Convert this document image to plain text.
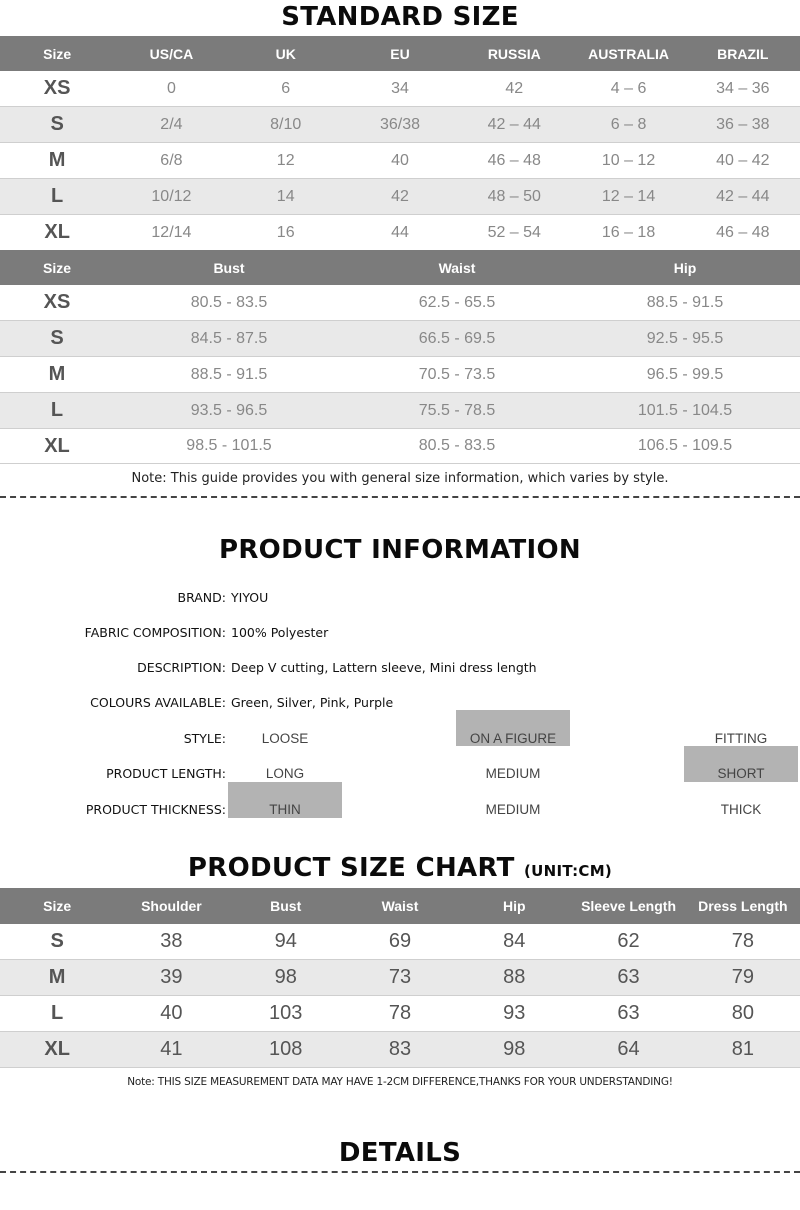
STANDARD SIZE
Size	US/CA	UK	EU	RUSSIA	AUSTRALIA	BRAZIL
XS	0	6	34	42	4 – 6	34 – 36
S	2/4	8/10	36/38	42 – 44	6 – 8	36 – 38
M	6/8	12	40	46 – 48	10 – 12	40 – 42
L	10/12	14	42	48 – 50	12 – 14	42 – 44
XL	12/14	16	44	52 – 54	16 – 18	46 – 48
Size	Bust	Waist	Hip
XS	80.5 - 83.5	62.5 - 65.5	88.5 - 91.5
S	84.5 - 87.5	66.5 - 69.5	92.5 - 95.5
M	88.5 - 91.5	70.5 - 73.5	96.5 - 99.5
L	93.5 - 96.5	75.5 - 78.5	101.5 - 104.5
XL	98.5 - 101.5	80.5 - 83.5	106.5 - 109.5
Note: This guide provides you with general size information, which varies by style.
PRODUCT INFORMATION
BRAND: YIYOU
FABRIC COMPOSITION: 100% Polyester
DESCRIPTION: Deep V cutting, Lattern sleeve, Mini dress length
COLOURS AVAILABLE: Green, Silver, Pink, Purple
STYLE:	LOOSE	ON A FIGURE	FITTING
PRODUCT LENGTH:	LONG	MEDIUM	SHORT
PRODUCT THICKNESS:	THIN	MEDIUM	THICK
PRODUCT SIZE CHART (UNIT:CM)
Size	Shoulder	Bust	Waist	Hip	Sleeve Length	Dress Length
S	38	94	69	84	62	78
M	39	98	73	88	63	79
L	40	103	78	93	63	80
XL	41	108	83	98	64	81
Note: THIS SIZE MEASUREMENT DATA MAY HAVE 1-2CM DIFFERENCE,THANKS FOR YOUR UNDERSTANDING!
DETAILS
